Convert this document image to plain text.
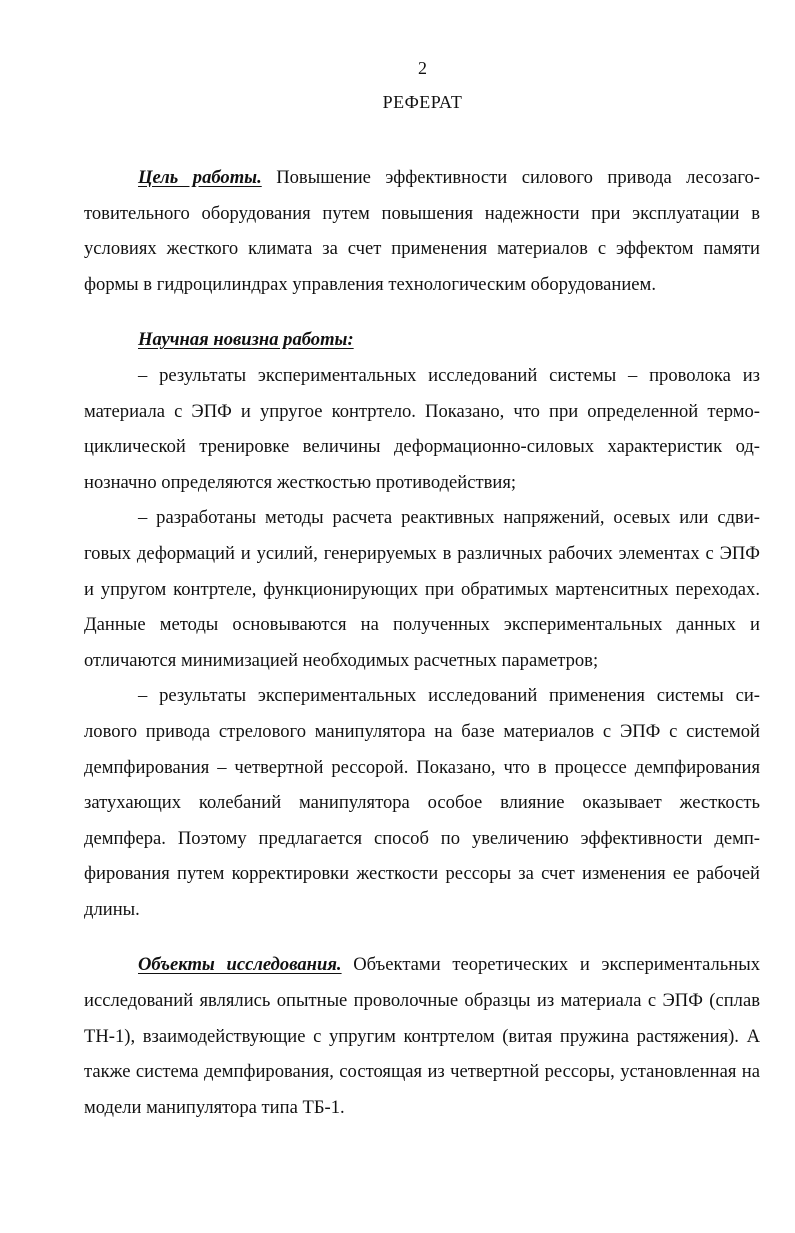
2
РЕФЕРАТ

Цель работы. Повышение эффективности силового привода лесозаготовительного оборудования путем повышения надежности при эксплуатации в условиях жесткого климата за счет применения материалов с эффектом памяти формы в гидроцилиндрах управления технологическим оборудованием.

Научная новизна работы:

– результаты экспериментальных исследований системы – проволока из материала с ЭПФ и упругое контртело. Показано, что при определенной термоциклической тренировке величины деформационно-силовых характеристик однозначно определяются жесткостью противодействия;

– разработаны методы расчета реактивных напряжений, осевых или сдвиговых деформаций и усилий, генерируемых в различных рабочих элементах с ЭПФ и упругом контртеле, функционирующих при обратимых мартенситных переходах. Данные методы основываются на полученных экспериментальных данных и отличаются минимизацией необходимых расчетных параметров;

– результаты экспериментальных исследований применения системы силового привода стрелового манипулятора на базе материалов с ЭПФ с системой демпфирования – четвертной рессорой. Показано, что в процессе демпфирования затухающих колебаний манипулятора особое влияние оказывает жесткость демпфера. Поэтому предлагается способ по увеличению эффективности демпфирования путем корректировки жесткости рессоры за счет изменения ее рабочей длины.

Объекты исследования. Объектами теоретических и экспериментальных исследований являлись опытные проволочные образцы из материала с ЭПФ (сплав ТН-1), взаимодействующие с упругим контртелом (витая пружина растяжения). А также система демпфирования, состоящая из четвертной рессоры, установленная на модели манипулятора типа ТБ-1.
